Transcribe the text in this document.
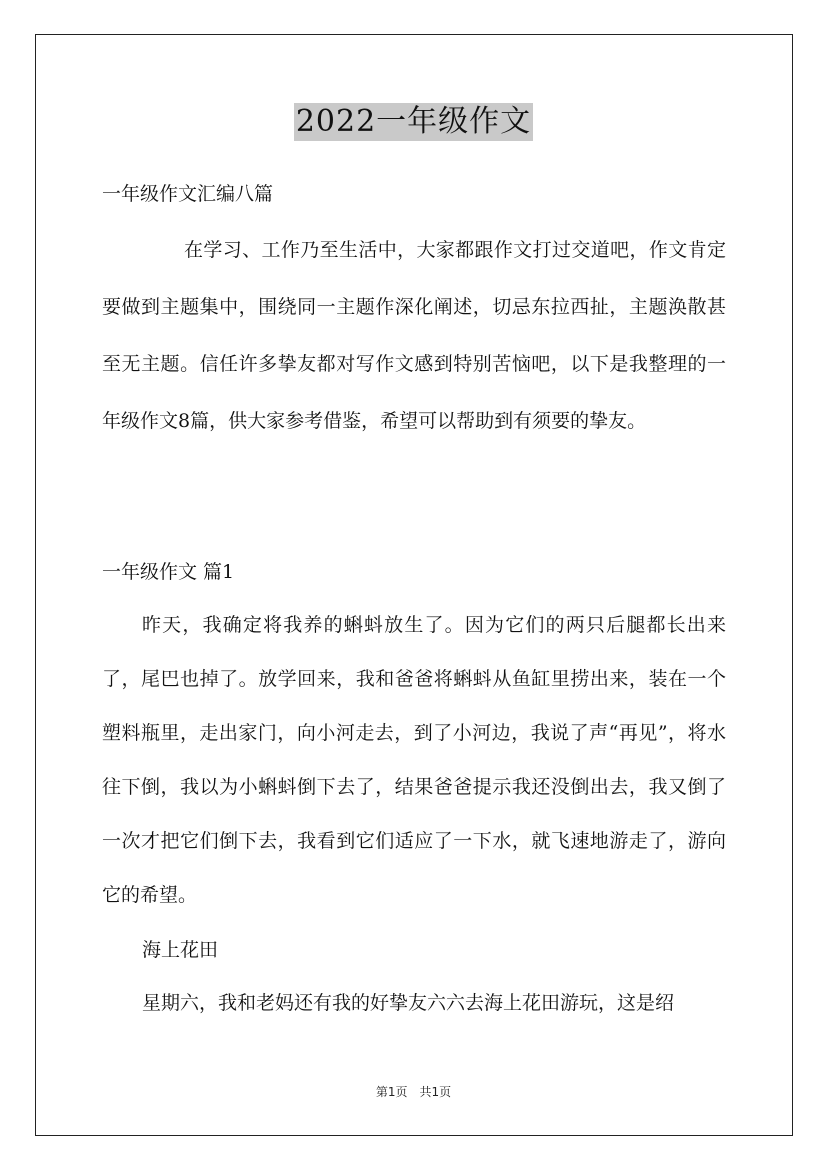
2022一年级作文

一年级作文汇编八篇

在学习、工作乃至生活中，大家都跟作文打过交道吧，作文肯定要做到主题集中，围绕同一主题作深化阐述，切忌东拉西扯，主题涣散甚至无主题。信任许多挚友都对写作文感到特别苦恼吧，以下是我整理的一年级作文8篇，供大家参考借鉴，希望可以帮助到有须要的挚友。

一年级作文 篇1

昨天，我确定将我养的蝌蚪放生了。因为它们的两只后腿都长出来了，尾巴也掉了。放学回来，我和爸爸将蝌蚪从鱼缸里捞出来，装在一个塑料瓶里，走出家门，向小河走去，到了小河边，我说了声“再见”，将水往下倒，我以为小蝌蚪倒下去了，结果爸爸提示我还没倒出去，我又倒了一次才把它们倒下去，我看到它们适应了一下水，就飞速地游走了，游向它的希望。

海上花田

星期六，我和老妈还有我的好挚友六六去海上花田游玩，这是绍

第1页 共1页
